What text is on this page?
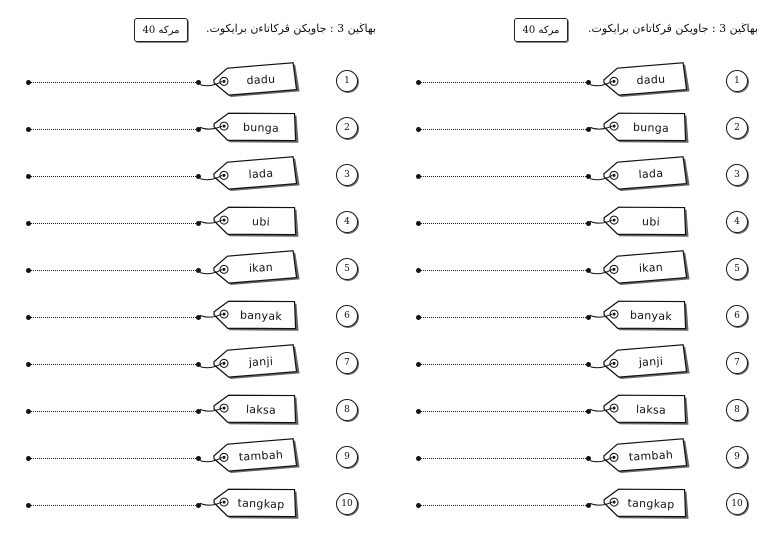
40 مركه بهاڬين 3 : جاويکن ڤرکاتاءن برايکوت.
dadu	1
bunga	2
lada	3
ubi	4
ikan	5
banyak	6
janji	7
laksa	8
tambah	9
tangkap	10
40 مركه	بهاڬين 3 : جاويکن ڤرکاتاءن برايکوت.
dadu	1
bunga	2
lada	3
ubi	4
ikan	5
banyak	6
janji	7
laksa	8
tambah	9
tangkap	10
